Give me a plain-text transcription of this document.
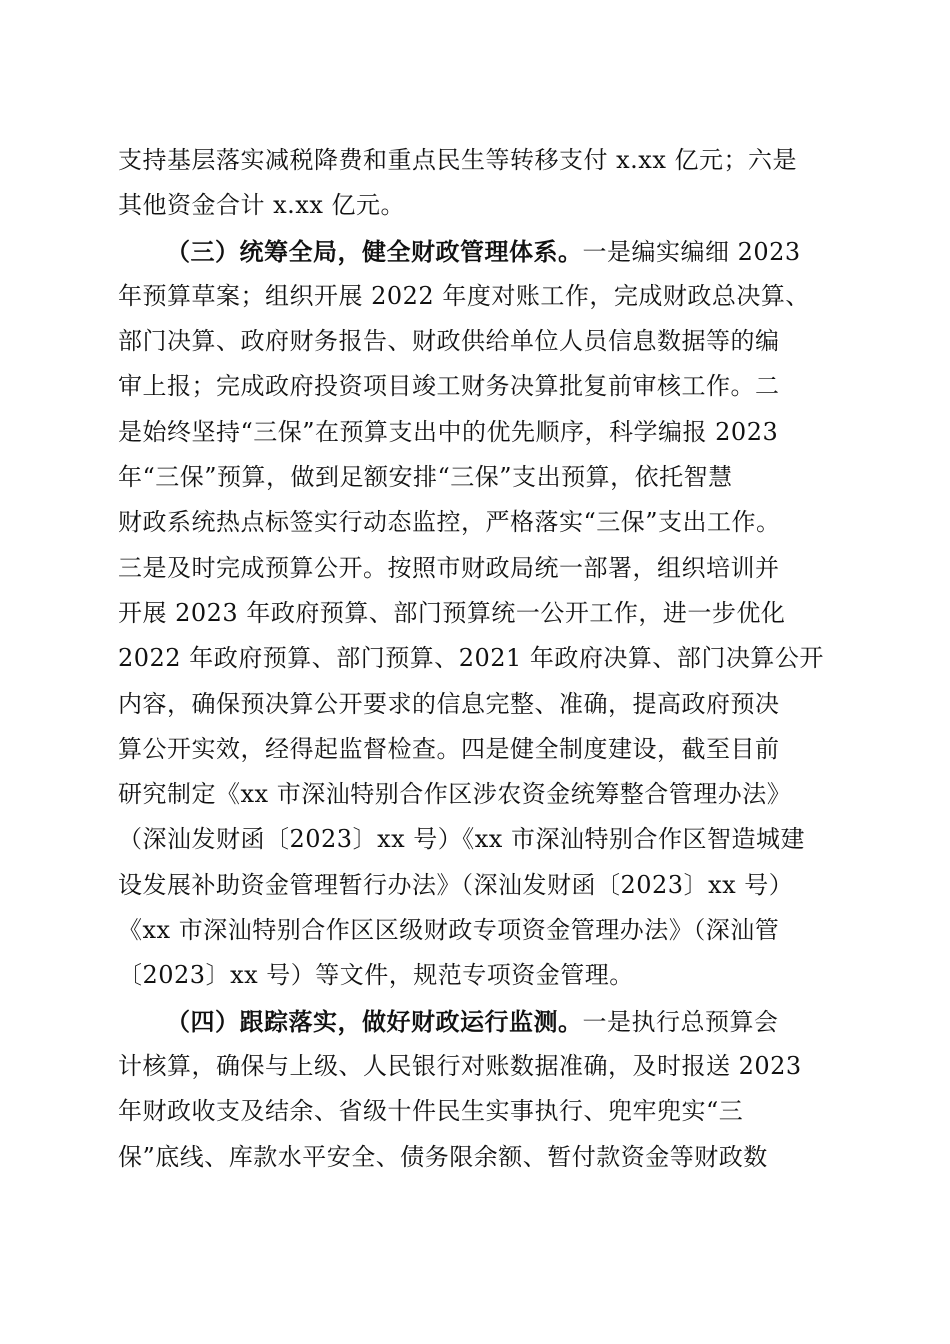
支持基层落实减税降费和重点民生等转移支付 x.xx 亿元；六是
其他资金合计 x.xx 亿元。
（三）统筹全局，健全财政管理体系。一是编实编细 2023
年预算草案；组织开展 2022 年度对账工作，完成财政总决算、
部门决算、政府财务报告、财政供给单位人员信息数据等的编
审上报；完成政府投资项目竣工财务决算批复前审核工作。二
是始终坚持“三保”在预算支出中的优先顺序，科学编报 2023
年“三保”预算，做到足额安排“三保”支出预算，依托智慧
财政系统热点标签实行动态监控，严格落实“三保”支出工作。
三是及时完成预算公开。按照市财政局统一部署，组织培训并
开展 2023 年政府预算、部门预算统一公开工作，进一步优化
2022 年政府预算、部门预算、2021 年政府决算、部门决算公开
内容，确保预决算公开要求的信息完整、准确，提高政府预决
算公开实效，经得起监督检查。四是健全制度建设，截至目前
研究制定《xx 市深汕特别合作区涉农资金统筹整合管理办法》
（深汕发财函〔2023〕xx 号）《xx 市深汕特别合作区智造城建
设发展补助资金管理暂行办法》（深汕发财函〔2023〕xx 号）
《xx 市深汕特别合作区区级财政专项资金管理办法》（深汕管
〔2023〕xx 号）等文件，规范专项资金管理。
（四）跟踪落实，做好财政运行监测。一是执行总预算会
计核算，确保与上级、人民银行对账数据准确，及时报送 2023
年财政收支及结余、省级十件民生实事执行、兜牢兜实“三
保”底线、库款水平安全、债务限余额、暂付款资金等财政数
